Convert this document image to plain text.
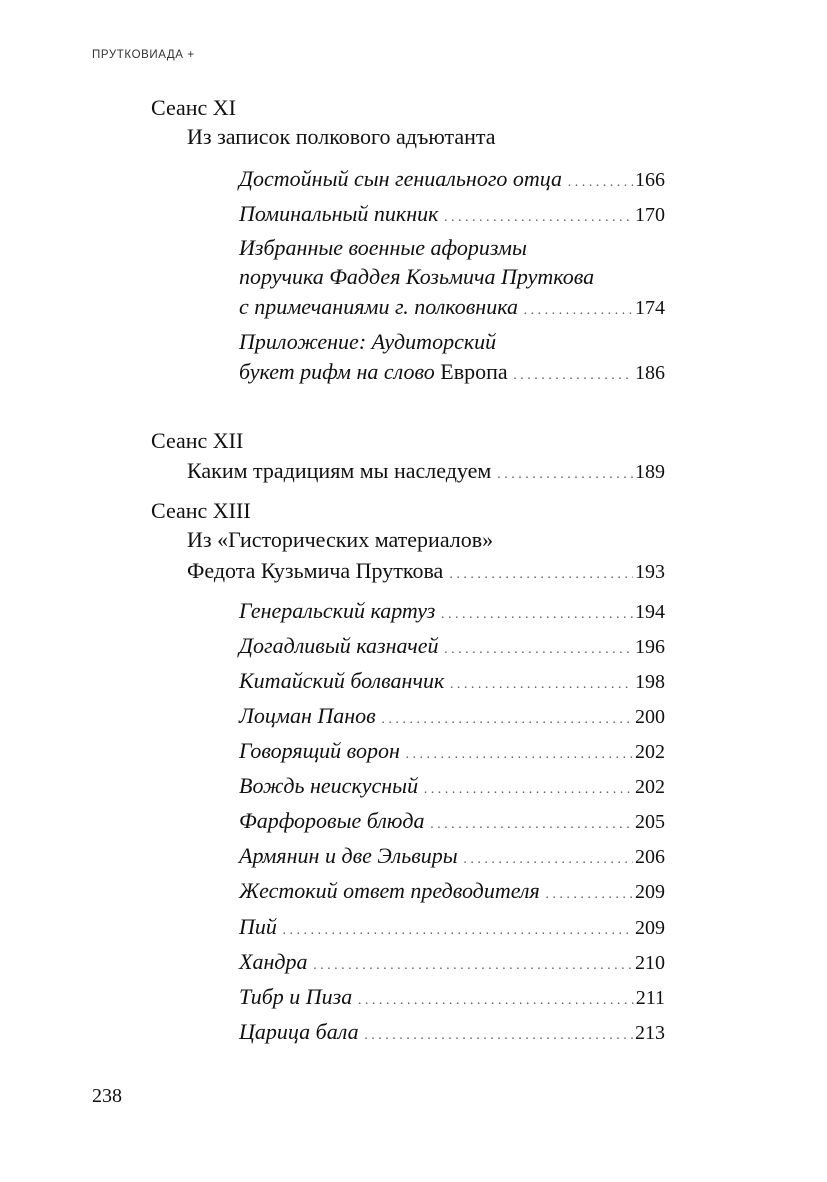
ПРУТКОВИАДА +
Сеанс XI
Из записок полкового адъютанта
Достойный сын гениального отца . . .	166
Поминальный пикник . . .	170
Избранные военные афоризмы
поручика Фаддея Козьмича Пруткова
с примечаниями г. полковника . . .	174
Приложение: Аудиторский
букет рифм на слово Европа . . .	186
Сеанс XII
Каким традициям мы наследуем . . .	189
Сеанс XIII
Из «Гисторических материалов»
Федота Кузьмича Пруткова . . .	193
Генеральский картуз . . .	194
Догадливый казначей . . .	196
Китайский болванчик . . .	198
Лоцман Панов . . .	200
Говорящий ворон . . .	202
Вождь неискусный . . .	202
Фарфоровые блюда . . .	205
Армянин и две Эльвиры . . .	206
Жестокий ответ предводителя . . .	209
Пий . . .	209
Хандра . . .	210
Тибр и Пиза . . .	211
Царица бала . . .	213
238
